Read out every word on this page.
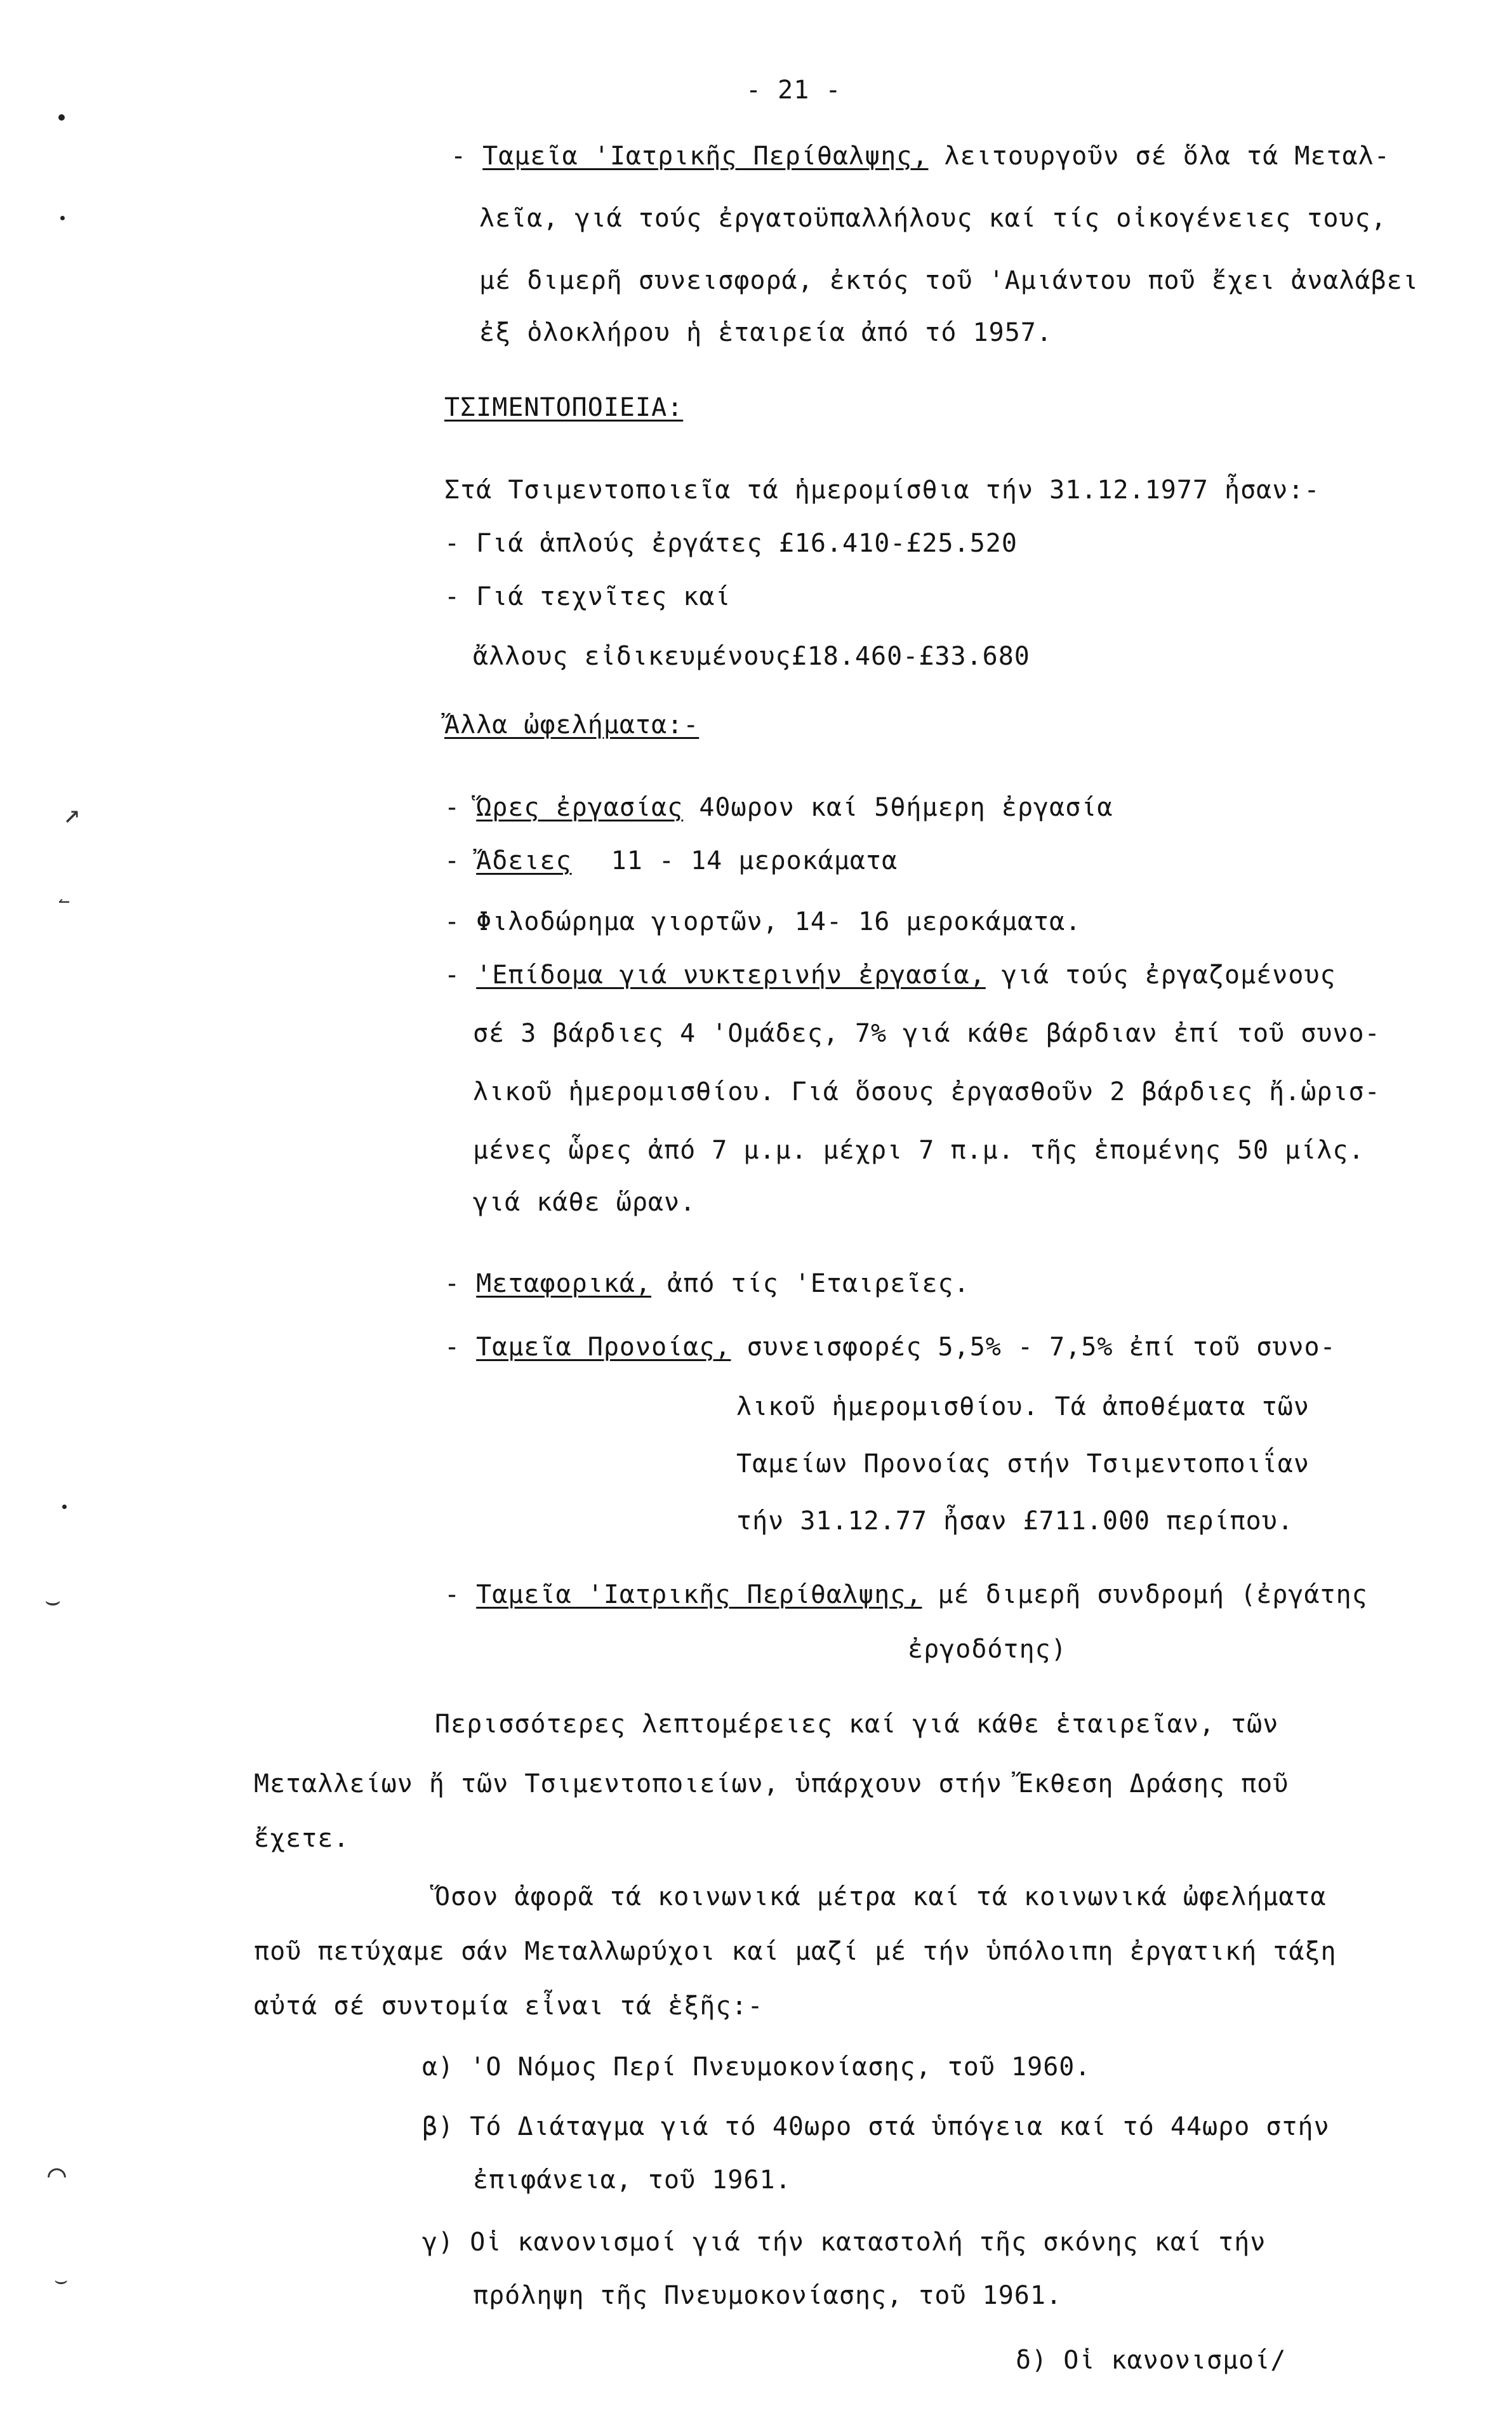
- 21 -
- Ταμεῖα 'Ιατρικῆς Περίθαλψης, λειτουργοῦν σέ ὅλα τά Μεταλ-
λεῖα, γιά τούς ἐργατοϋπαλλήλους καί τίς οἰκογένειες τους,
μέ διμερῆ συνεισφορά, ἐκτός τοῦ 'Αμιάντου ποῦ ἔχει ἀναλάβει
ἐξ ὁλοκλήρου ἡ ἑταιρεία ἀπό τό 1957.
ΤΣΙΜΕΝΤΟΠΟΙΕΙΑ:
Στά Τσιμεντοποιεῖα τά ἡμερομίσθια τήν 31.12.1977 ἦσαν:-
- Γιά ἁπλούς ἐργάτες £16.410-£25.520
- Γιά τεχνῖτες καί
ἄλλους εἰδικευμένους£18.460-£33.680
Ἄλλα ὠφελήματα:-
- Ὥρες ἐργασίας 40ωρον καί 5θήμερη ἐργασία
- Ἄδειες 11 - 14 μεροκάματα
- Φιλοδώρημα γιορτῶν, 14- 16 μεροκάματα.
- 'Επίδομα γιά νυκτερινήν ἐργασία, γιά τούς ἐργαζομένους
σέ 3 βάρδιες 4 'Ομάδες, 7% γιά κάθε βάρδιαν ἐπί τοῦ συνο-
λικοῦ ἡμερομισθίου. Γιά ὅσους ἐργασθοῦν 2 βάρδιες ἤ.ὡρισ-
μένες ὧρες ἀπό 7 μ.μ. μέχρι 7 π.μ. τῆς ἑπομένης 50 μίλς.
γιά κάθε ὥραν.
- Μεταφορικά, ἀπό τίς 'Εταιρεῖες.
- Ταμεῖα Προνοίας, συνεισφορές 5,5% - 7,5% ἐπί τοῦ συνο-
λικοῦ ἡμερομισθίου. Τά ἀποθέματα τῶν
Ταμείων Προνοίας στήν Τσιμεντοποιΐαν
τήν 31.12.77 ἦσαν £711.000 περίπου.
- Ταμεῖα 'Ιατρικῆς Περίθαλψης, μέ διμερῆ συνδρομή (ἐργάτης
ἐργοδότης)
Περισσότερες λεπτομέρειες καί γιά κάθε ἑταιρεῖαν, τῶν
Μεταλλείων ἤ τῶν Τσιμεντοποιείων, ὑπάρχουν στήν Ἔκθεση Δράσης ποῦ
ἔχετε.
Ὅσον ἀφορᾶ τά κοινωνικά μέτρα καί τά κοινωνικά ὠφελήματα
ποῦ πετύχαμε σάν Μεταλλωρύχοι καί μαζί μέ τήν ὑπόλοιπη ἐργατική τάξη
αὐτά σέ συντομία εἶναι τά ἑξῆς:-
α) 'Ο Νόμος Περί Πνευμοκονίασης, τοῦ 1960.
β) Τό Διάταγμα γιά τό 40ωρο στά ὑπόγεια καί τό 44ωρο στήν
ἐπιφάνεια, τοῦ 1961.
γ) Οἱ κανονισμοί γιά τήν καταστολή τῆς σκόνης καί τήν
πρόληψη τῆς Πνευμοκονίασης, τοῦ 1961.
δ) Οἱ κανονισμοί/
↗
↼
⌣
⌒
⌣
